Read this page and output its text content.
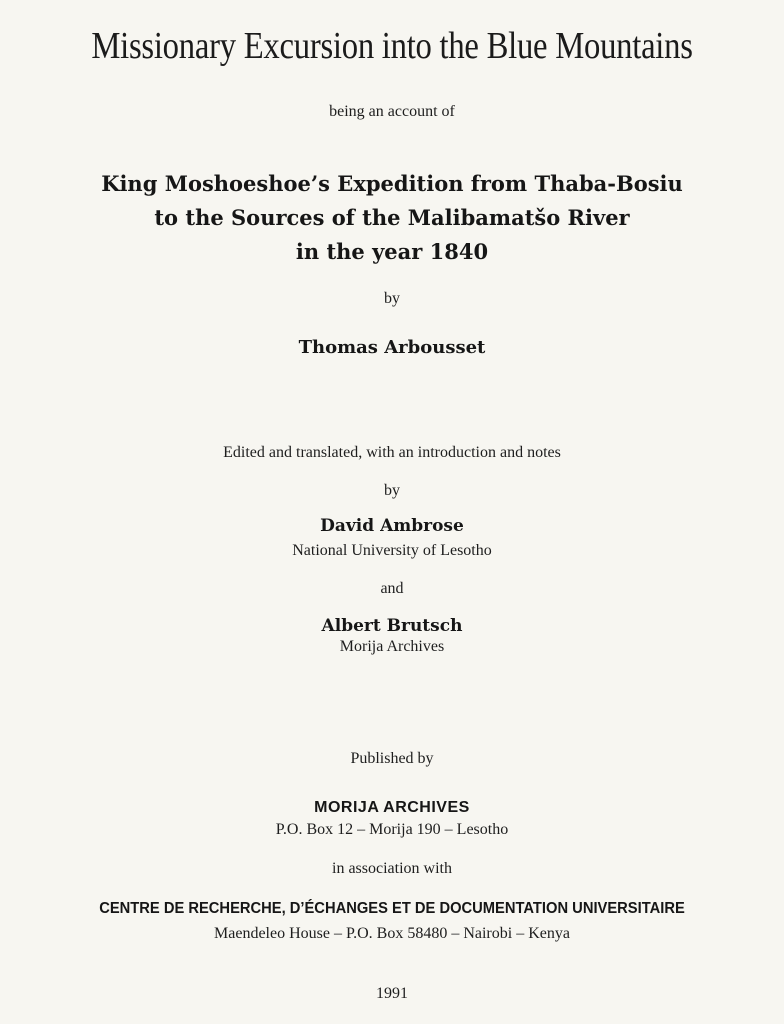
Missionary Excursion into the Blue Mountains
being an account of
King Moshoeshoe’s Expedition from Thaba-Bosiu
to the Sources of the Malibamatšo River
in the year 1840
by
Thomas Arbousset
Edited and translated, with an introduction and notes
by
David Ambrose
National University of Lesotho
and
Albert Brutsch
Morija Archives
Published by
MORIJA ARCHIVES
P.O. Box 12 – Morija 190 – Lesotho
in association with
CENTRE DE RECHERCHE, D’ÉCHANGES ET DE DOCUMENTATION UNIVERSITAIRE
Maendeleo House – P.O. Box 58480 – Nairobi – Kenya
1991
